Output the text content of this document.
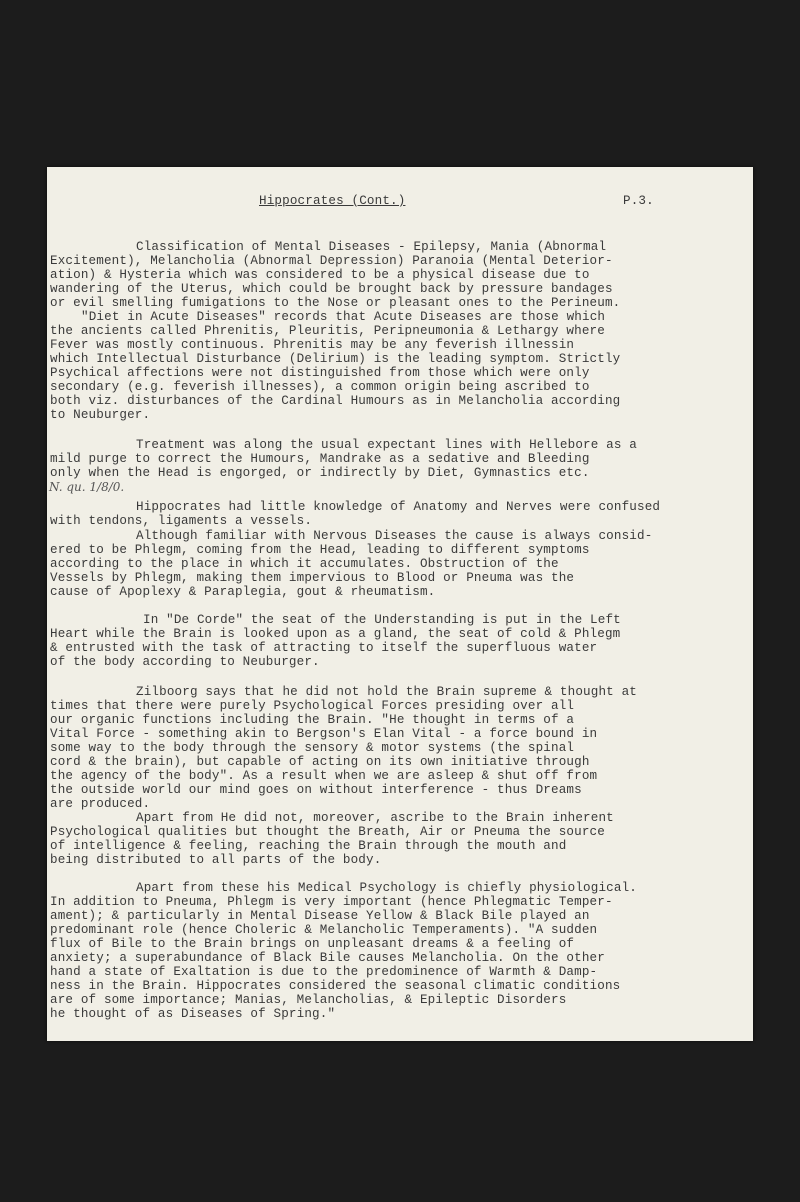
Hippocrates (Cont.)	P.3.
Classification of Mental Diseases - Epilepsy, Mania (Abnormal
Excitement), Melancholia (Abnormal Depression) Paranoia (Mental Deterior-
ation) & Hysteria which was considered to be a physical disease due to
wandering of the Uterus, which could be brought back by pressure bandages
or evil smelling fumigations to the Nose or pleasant ones to the Perineum.
"Diet in Acute Diseases" records that Acute Diseases are those which
the ancients called Phrenitis, Pleuritis, Peripneumonia & Lethargy where
Fever was mostly continuous. Phrenitis may be any feverish illnessin
which Intellectual Disturbance (Delirium) is the leading symptom. Strictly
Psychical affections were not distinguished from those which were only
secondary (e.g. feverish illnesses), a common origin being ascribed to
both viz. disturbances of the Cardinal Humours as in Melancholia according
to Neuburger.
Treatment was along the usual expectant lines with Hellebore as a
mild purge to correct the Humours, Mandrake as a sedative and Bleeding
only when the Head is engorged, or indirectly by Diet, Gymnastics etc.
N. qu. 1/8/0.
Hippocrates had little knowledge of Anatomy and Nerves were confused
with tendons, ligaments a vessels.
Although familiar with Nervous Diseases the cause is always consid-
ered to be Phlegm, coming from the Head, leading to different symptoms
according to the place in which it accumulates. Obstruction of the
Vessels by Phlegm, making them impervious to Blood or Pneuma was the
cause of Apoplexy & Paraplegia, gout & rheumatism.
In "De Corde" the seat of the Understanding is put in the Left
Heart while the Brain is looked upon as a gland, the seat of cold & Phlegm
& entrusted with the task of attracting to itself the superfluous water
of the body according to Neuburger.
Zilboorg says that he did not hold the Brain supreme & thought at
times that there were purely Psychological Forces presiding over all
our organic functions including the Brain. "He thought in terms of a
Vital Force - something akin to Bergson's Elan Vital - a force bound in
some way to the body through the sensory & motor systems (the spinal
cord & the brain), but capable of acting on its own initiative through
the agency of the body". As a result when we are asleep & shut off from
the outside world our mind goes on without interference - thus Dreams
are produced.
Apart from He did not, moreover, ascribe to the Brain inherent
Psychological qualities but thought the Breath, Air or Pneuma the source
of intelligence & feeling, reaching the Brain through the mouth and
being distributed to all parts of the body.
Apart from these his Medical Psychology is chiefly physiological.
In addition to Pneuma, Phlegm is very important (hence Phlegmatic Temper-
ament); & particularly in Mental Disease Yellow & Black Bile played an
predominant role (hence Choleric & Melancholic Temperaments). "A sudden
flux of Bile to the Brain brings on unpleasant dreams & a feeling of
anxiety; a superabundance of Black Bile causes Melancholia. On the other
hand a state of Exaltation is due to the predominence of Warmth & Damp-
ness in the Brain. Hippocrates considered the seasonal climatic conditions
are of some importance; Manias, Melancholias, & Epileptic Disorders
he thought of as Diseases of Spring."
